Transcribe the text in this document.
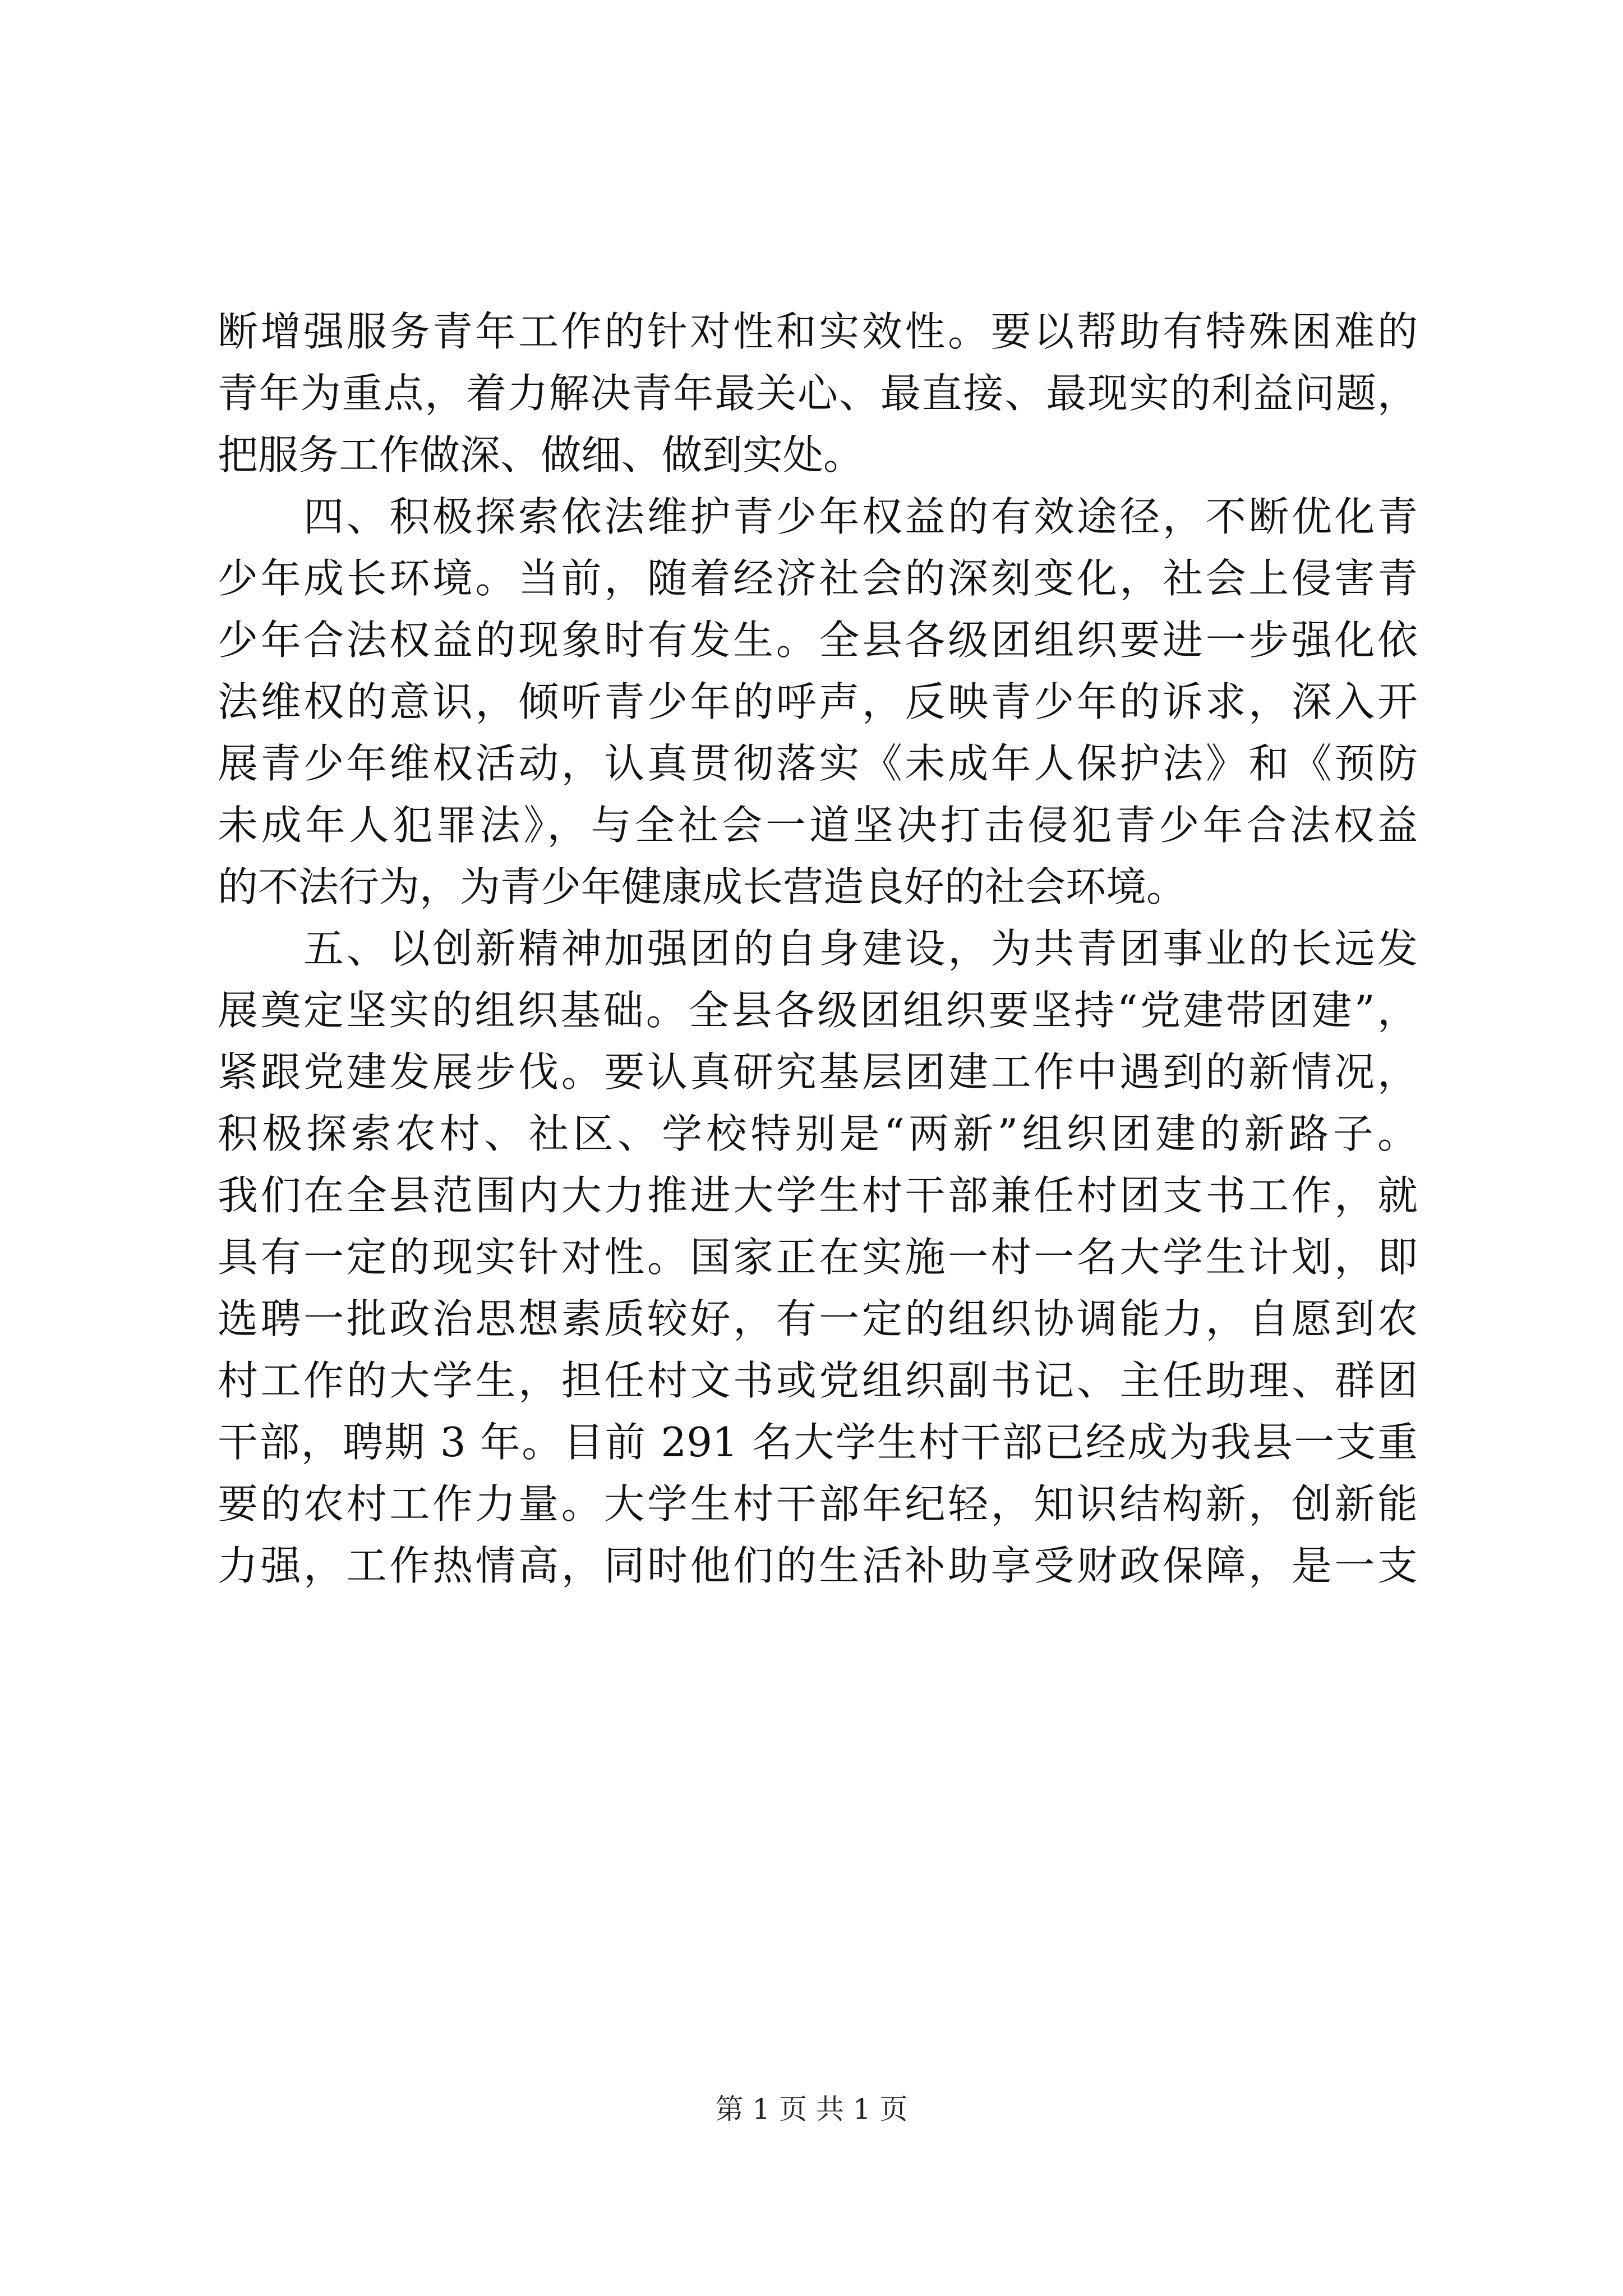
断增强服务青年工作的针对性和实效性。要以帮助有特殊困难的
青年为重点，着力解决青年最关心、最直接、最现实的利益问题，
把服务工作做深、做细、做到实处。
　　四、积极探索依法维护青少年权益的有效途径，不断优化青
少年成长环境。当前，随着经济社会的深刻变化，社会上侵害青
少年合法权益的现象时有发生。全县各级团组织要进一步强化依
法维权的意识，倾听青少年的呼声，反映青少年的诉求，深入开
展青少年维权活动，认真贯彻落实《未成年人保护法》和《预防
未成年人犯罪法》，与全社会一道坚决打击侵犯青少年合法权益
的不法行为，为青少年健康成长营造良好的社会环境。
　　五、以创新精神加强团的自身建设，为共青团事业的长远发
展奠定坚实的组织基础。全县各级团组织要坚持“党建带团建”，
紧跟党建发展步伐。要认真研究基层团建工作中遇到的新情况，
积极探索农村、社区、学校特别是“两新”组织团建的新路子。
我们在全县范围内大力推进大学生村干部兼任村团支书工作，就
具有一定的现实针对性。国家正在实施一村一名大学生计划，即
选聘一批政治思想素质较好，有一定的组织协调能力，自愿到农
村工作的大学生，担任村文书或党组织副书记、主任助理、群团
干部，聘期 3 年。目前 291 名大学生村干部已经成为我县一支重
要的农村工作力量。大学生村干部年纪轻，知识结构新，创新能
力强，工作热情高，同时他们的生活补助享受财政保障，是一支
第 1 页 共 1 页
